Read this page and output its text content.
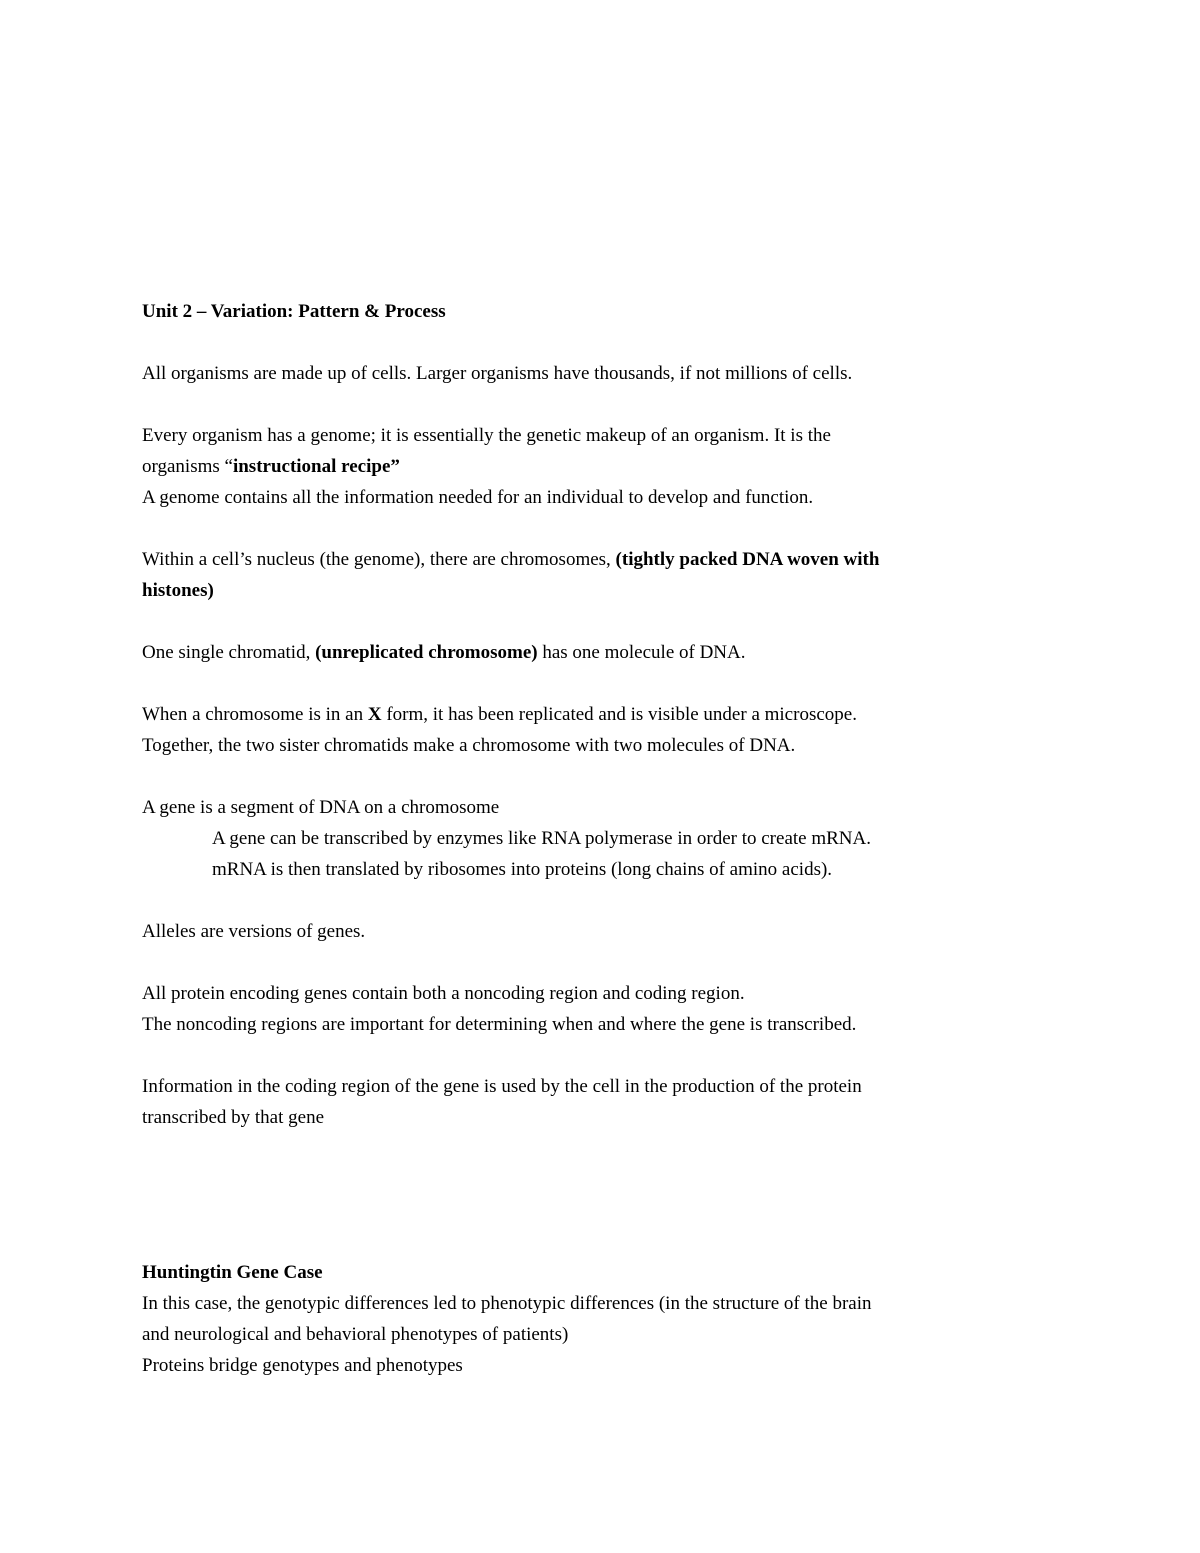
Unit 2 – Variation: Pattern & Process
All organisms are made up of cells. Larger organisms have thousands, if not millions of cells.
Every organism has a genome; it is essentially the genetic makeup of an organism. It is the
organisms “instructional recipe”
A genome contains all the information needed for an individual to develop and function.
Within a cell’s nucleus (the genome), there are chromosomes, (tightly packed DNA woven with
histones)
One single chromatid, (unreplicated chromosome) has one molecule of DNA.
When a chromosome is in an X form, it has been replicated and is visible under a microscope.
Together, the two sister chromatids make a chromosome with two molecules of DNA.
A gene is a segment of DNA on a chromosome
A gene can be transcribed by enzymes like RNA polymerase in order to create mRNA.
mRNA is then translated by ribosomes into proteins (long chains of amino acids).
Alleles are versions of genes.
All protein encoding genes contain both a noncoding region and coding region.
The noncoding regions are important for determining when and where the gene is transcribed.
Information in the coding region of the gene is used by the cell in the production of the protein
transcribed by that gene
Huntingtin Gene Case
In this case, the genotypic differences led to phenotypic differences (in the structure of the brain
and neurological and behavioral phenotypes of patients)
Proteins bridge genotypes and phenotypes
